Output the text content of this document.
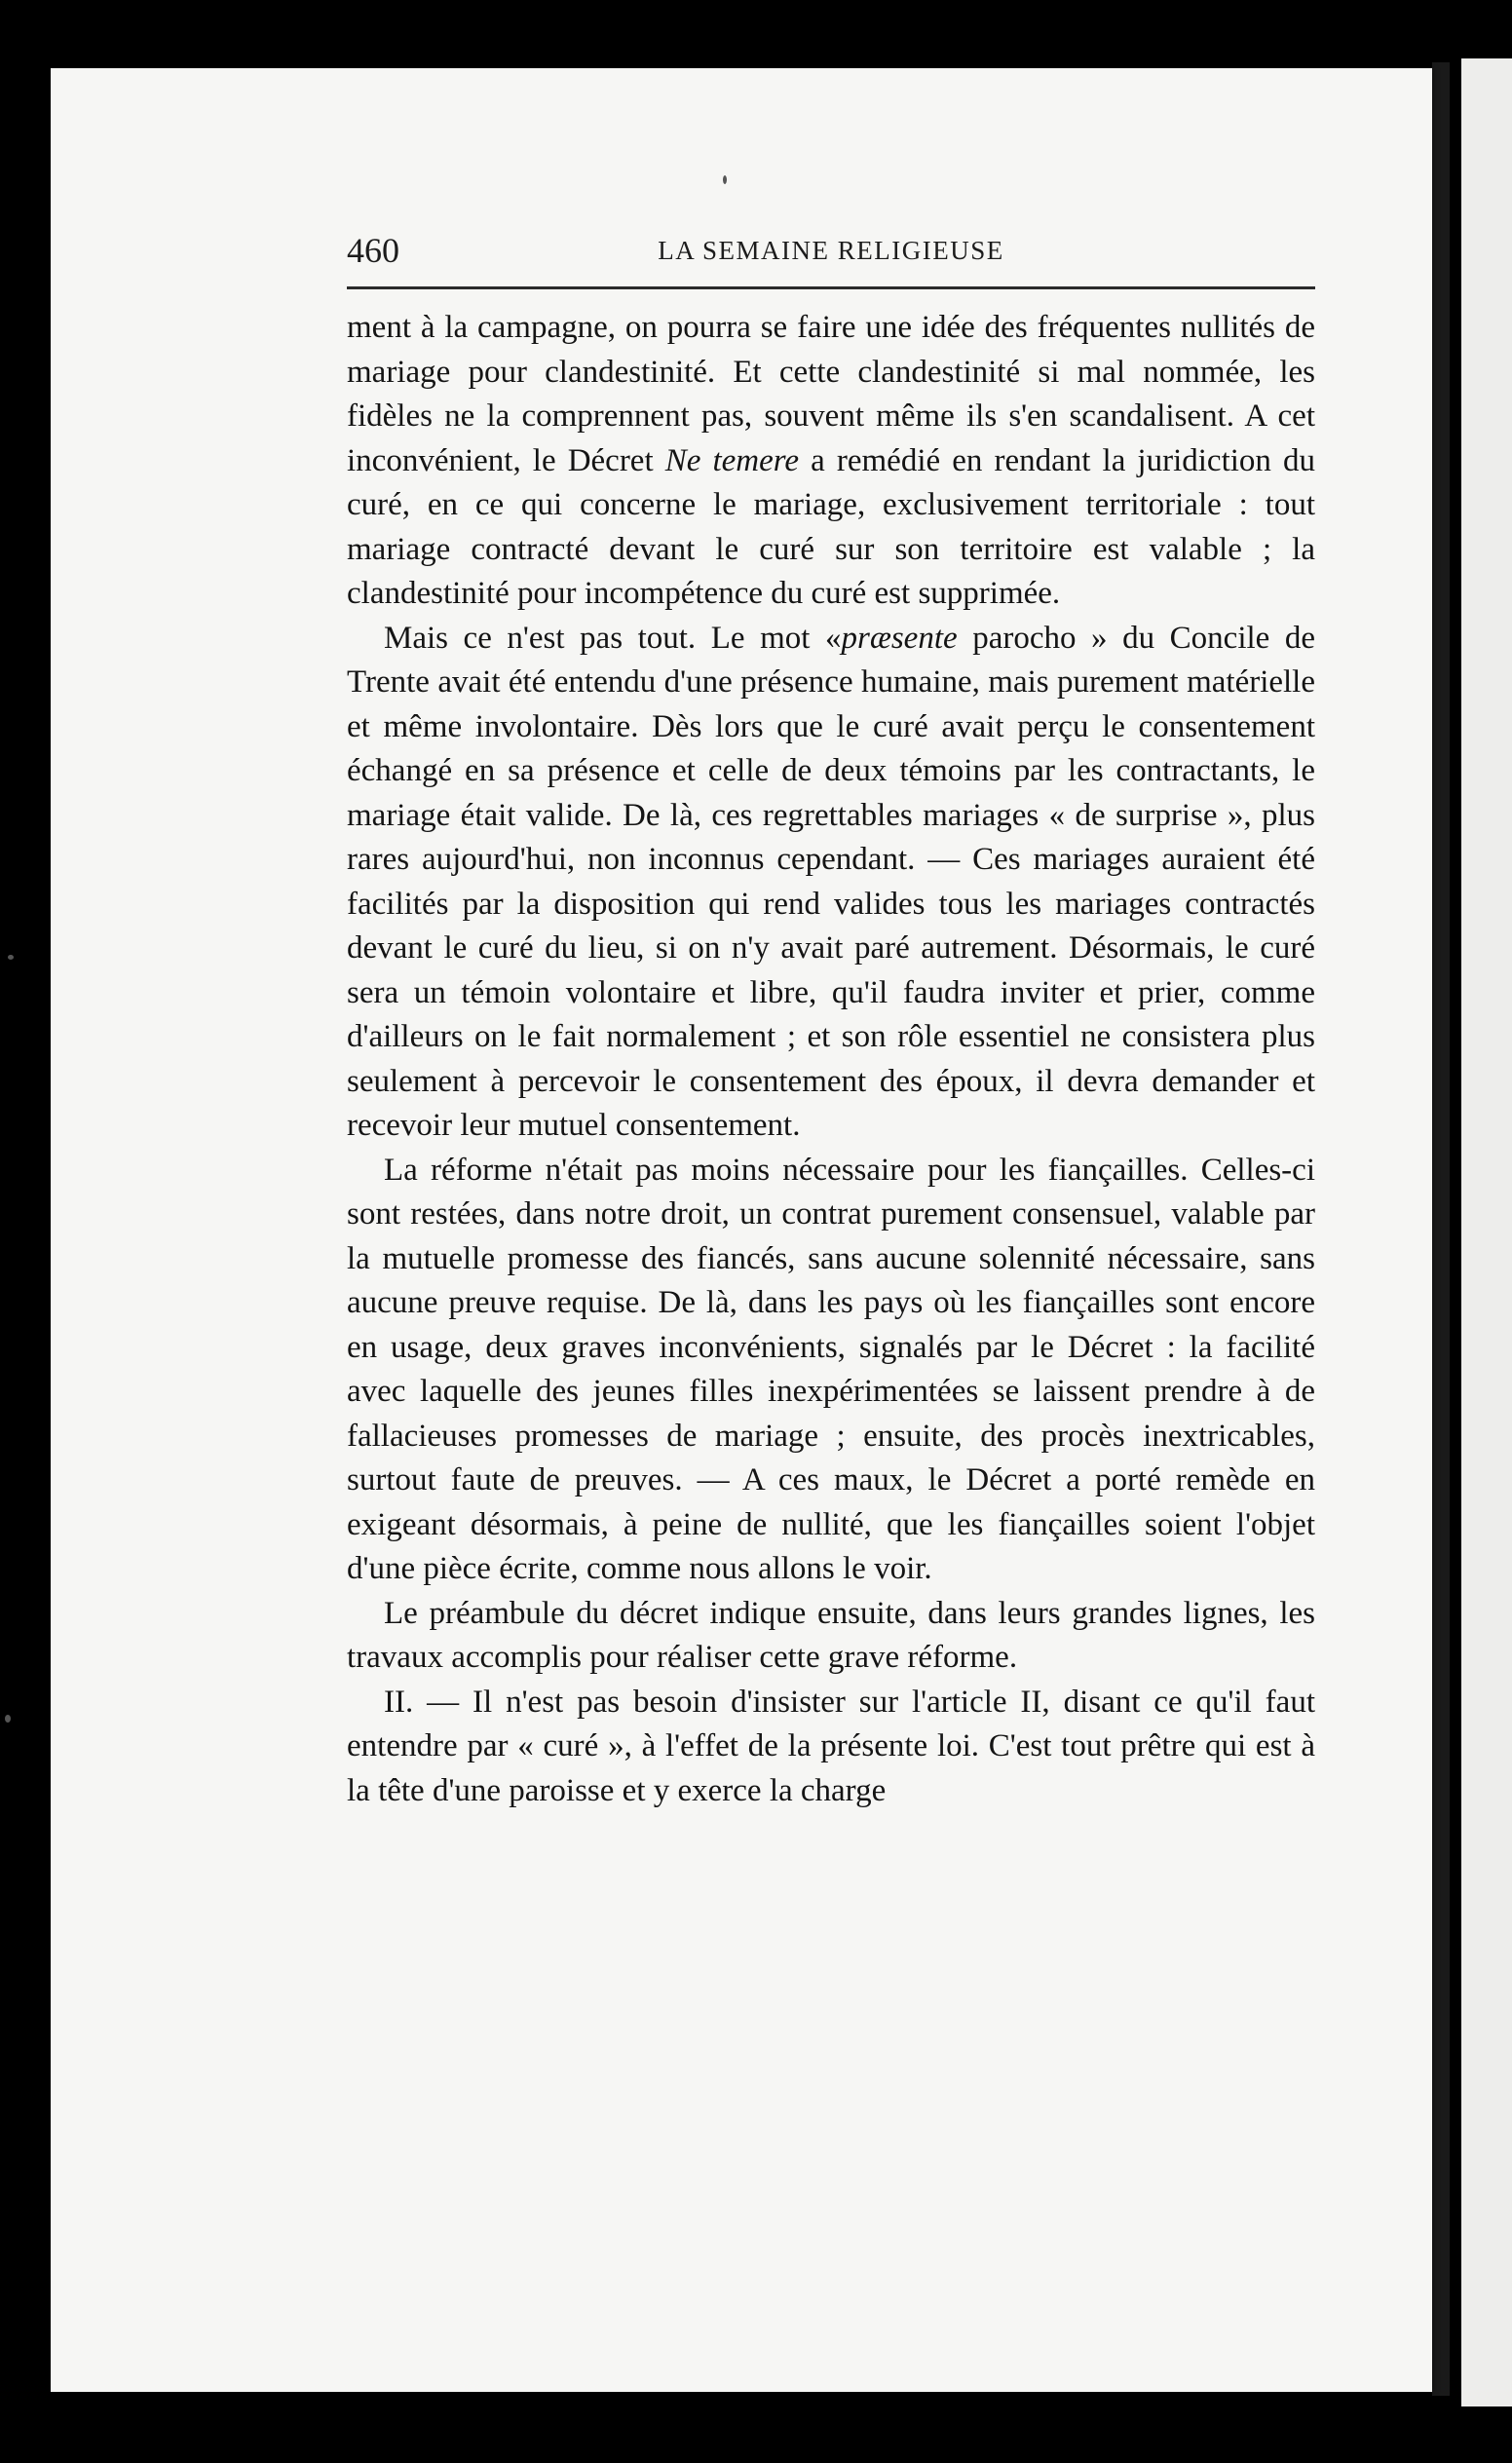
460	LA SEMAINE RELIGIEUSE

ment à la campagne, on pourra se faire une idée des fréquentes nullités de mariage pour clandestinité. Et cette clandestinité si mal nommée, les fidèles ne la comprennent pas, souvent même ils s'en scandalisent. A cet inconvénient, le Décret Ne temere a remédié en rendant la juridiction du curé, en ce qui concerne le mariage, exclusivement territoriale : tout mariage contracté devant le curé sur son territoire est valable ; la clandestinité pour incompétence du curé est supprimée.

Mais ce n'est pas tout. Le mot «præsente parocho » du Concile de Trente avait été entendu d'une présence humaine, mais purement matérielle et même involontaire. Dès lors que le curé avait perçu le consentement échangé en sa présence et celle de deux témoins par les contractants, le mariage était valide. De là, ces regrettables mariages « de surprise », plus rares aujourd'hui, non inconnus cependant. — Ces mariages auraient été facilités par la disposition qui rend valides tous les mariages contractés devant le curé du lieu, si on n'y avait paré autrement. Désormais, le curé sera un témoin volontaire et libre, qu'il faudra inviter et prier, comme d'ailleurs on le fait normalement ; et son rôle essentiel ne consistera plus seulement à percevoir le consentement des époux, il devra demander et recevoir leur mutuel consentement.

La réforme n'était pas moins nécessaire pour les fiançailles. Celles-ci sont restées, dans notre droit, un contrat purement consensuel, valable par la mutuelle promesse des fiancés, sans aucune solennité nécessaire, sans aucune preuve requise. De là, dans les pays où les fiançailles sont encore en usage, deux graves inconvénients, signalés par le Décret : la facilité avec laquelle des jeunes filles inexpérimentées se laissent prendre à de fallacieuses promesses de mariage ; ensuite, des procès inextricables, surtout faute de preuves. — A ces maux, le Décret a porté remède en exigeant désormais, à peine de nullité, que les fiançailles soient l'objet d'une pièce écrite, comme nous allons le voir.

Le préambule du décret indique ensuite, dans leurs grandes lignes, les travaux accomplis pour réaliser cette grave réforme.

II. — Il n'est pas besoin d'insister sur l'article II, disant ce qu'il faut entendre par « curé », à l'effet de la présente loi. C'est tout prêtre qui est à la tête d'une paroisse et y exerce la charge
